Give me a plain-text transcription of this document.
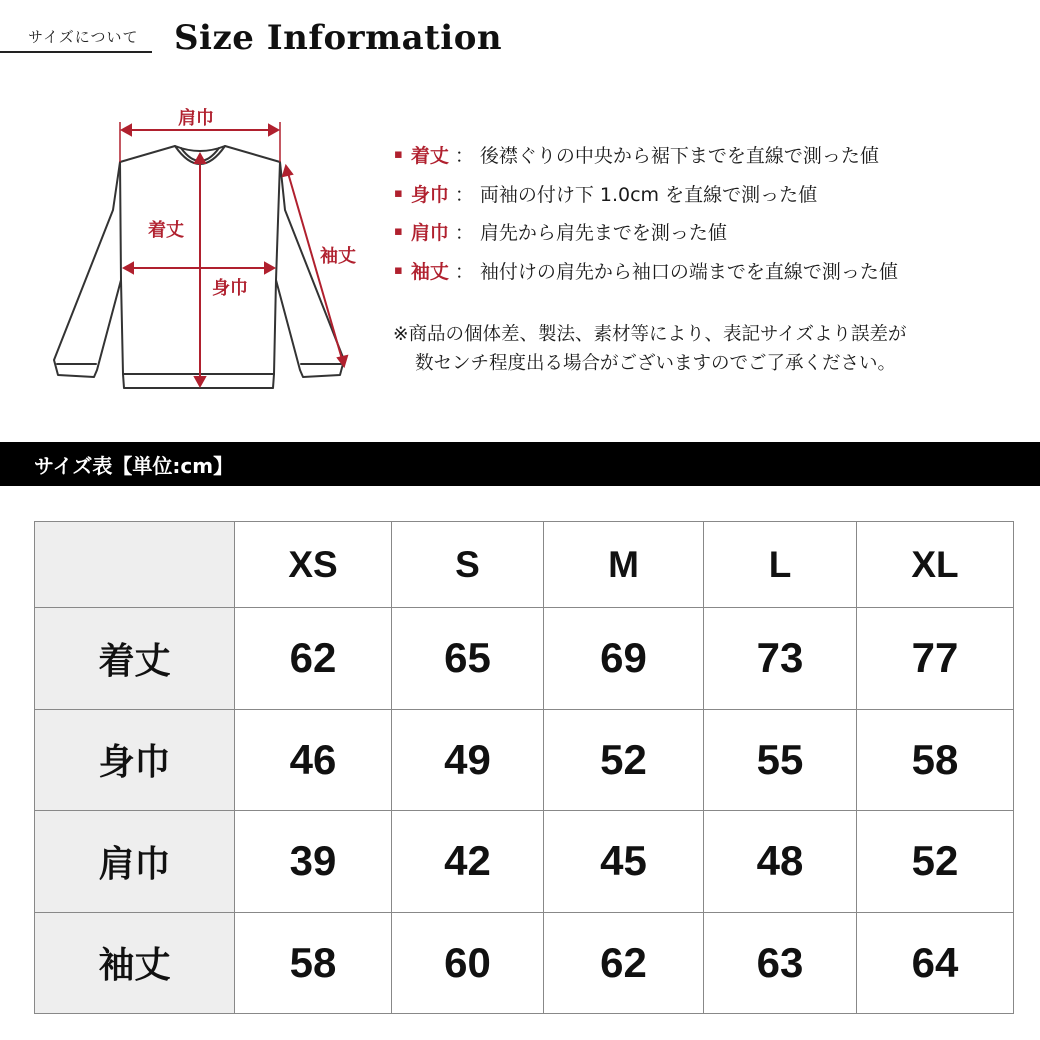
サイズについて Size Information
肩巾
着丈
身巾
袖丈
▪ 着丈 ： 後襟ぐりの中央から裾下までを直線で測った値
▪ 身巾 ： 両袖の付け下 1.0cm を直線で測った値
▪ 肩巾 ： 肩先から肩先までを測った値
▪ 袖丈 ： 袖付けの肩先から袖口の端までを直線で測った値
※商品の個体差、製法、素材等により、表記サイズより誤差が
数センチ程度出る場合がございますのでご了承ください。
サイズ表【単位:cm】
	XS	S	M	L	XL
着丈	62	65	69	73	77
身巾	46	49	52	55	58
肩巾	39	42	45	48	52
袖丈	58	60	62	63	64
